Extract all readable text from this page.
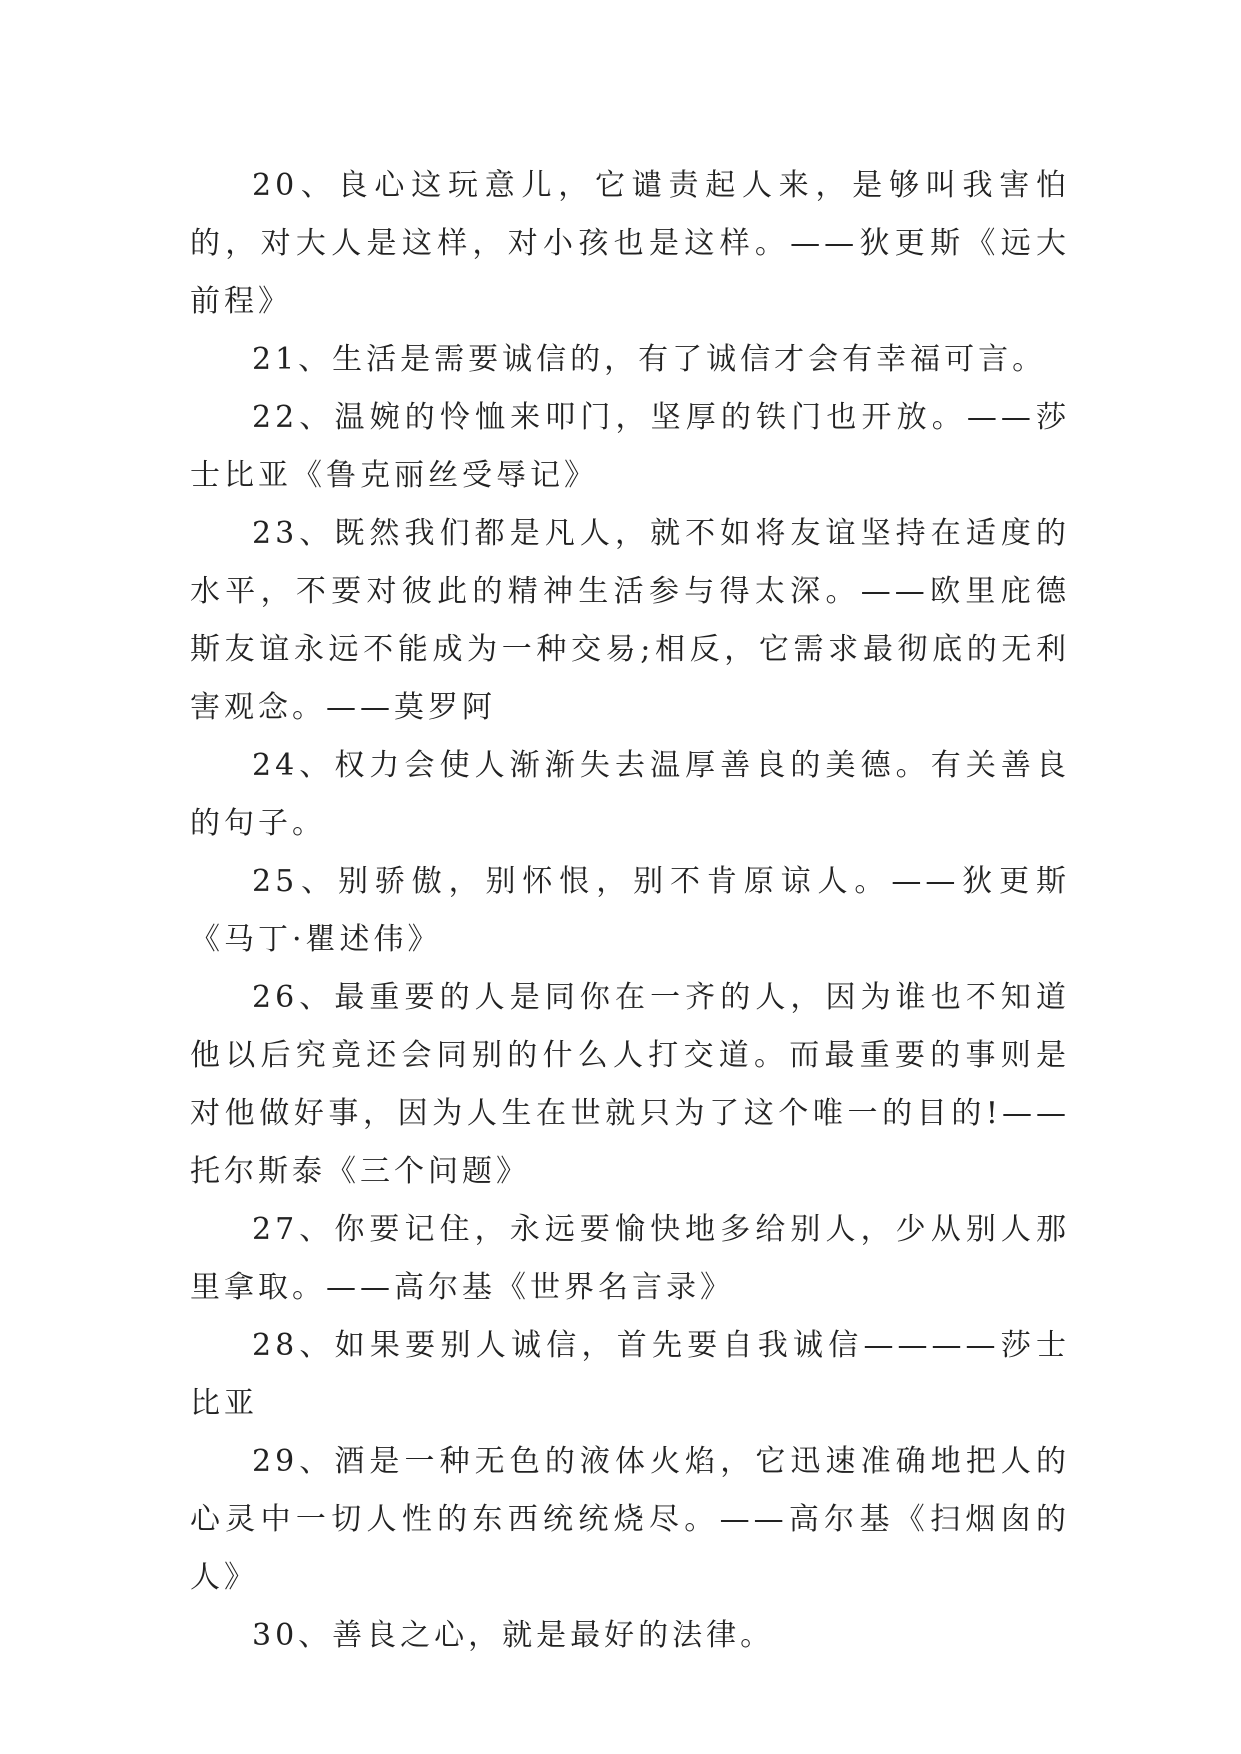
20、良心这玩意儿，它谴责起人来，是够叫我害怕的，对大人是这样，对小孩也是这样。——狄更斯《远大前程》

21、生活是需要诚信的，有了诚信才会有幸福可言。

22、温婉的怜恤来叩门，坚厚的铁门也开放。——莎士比亚《鲁克丽丝受辱记》

23、既然我们都是凡人，就不如将友谊坚持在适度的水平，不要对彼此的精神生活参与得太深。——欧里庇德斯友谊永远不能成为一种交易;相反，它需求最彻底的无利害观念。——莫罗阿

24、权力会使人渐渐失去温厚善良的美德。有关善良的句子。

25、别骄傲，别怀恨，别不肯原谅人。——狄更斯《马丁·瞿述伟》

26、最重要的人是同你在一齐的人，因为谁也不知道他以后究竟还会同别的什么人打交道。而最重要的事则是对他做好事，因为人生在世就只为了这个唯一的目的!——托尔斯泰《三个问题》

27、你要记住，永远要愉快地多给别人，少从别人那里拿取。——高尔基《世界名言录》

28、如果要别人诚信，首先要自我诚信————莎士比亚

29、酒是一种无色的液体火焰，它迅速准确地把人的心灵中一切人性的东西统统烧尽。——高尔基《扫烟囱的人》

30、善良之心，就是最好的法律。
